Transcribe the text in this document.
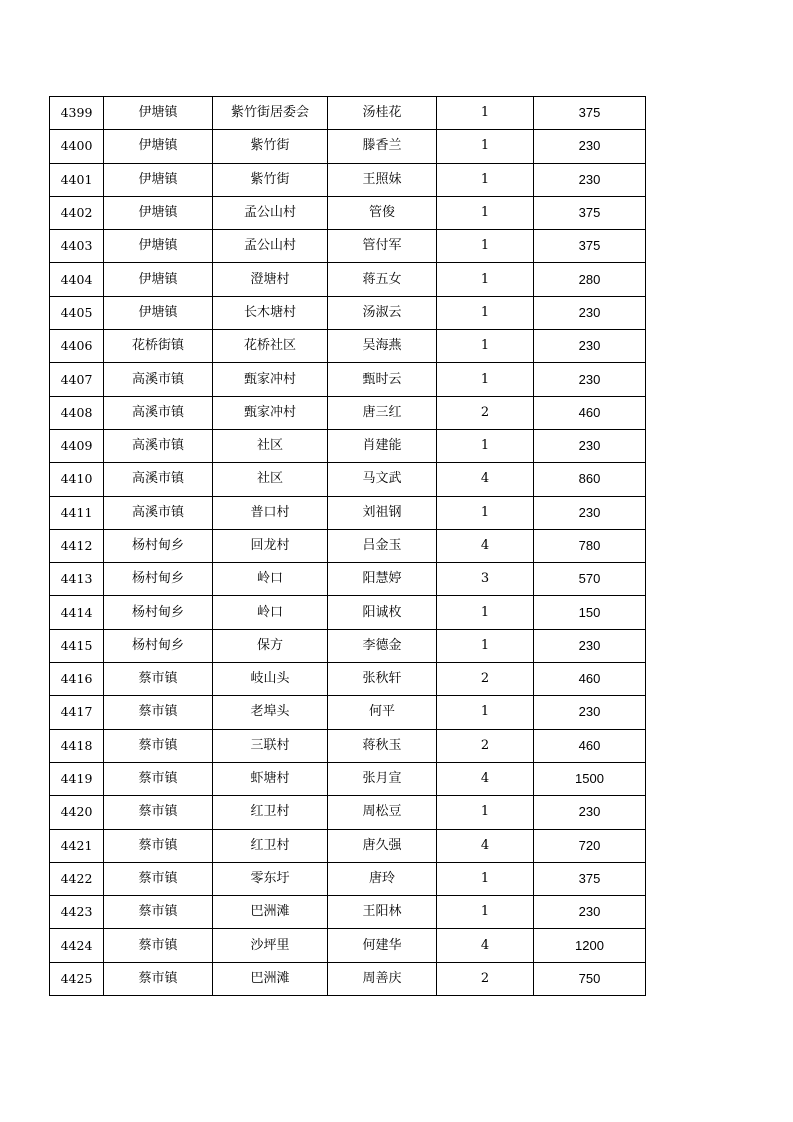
4399	伊塘镇	紫竹街居委会	汤桂花	1	375
4400	伊塘镇	紫竹街	滕香兰	1	230
4401	伊塘镇	紫竹街	王照妹	1	230
4402	伊塘镇	孟公山村	管俊	1	375
4403	伊塘镇	孟公山村	管付军	1	375
4404	伊塘镇	澄塘村	蒋五女	1	280
4405	伊塘镇	长木塘村	汤淑云	1	230
4406	花桥街镇	花桥社区	吴海燕	1	230
4407	高溪市镇	甄家冲村	甄时云	1	230
4408	高溪市镇	甄家冲村	唐三红	2	460
4409	高溪市镇	社区	肖建能	1	230
4410	高溪市镇	社区	马文武	4	860
4411	高溪市镇	普口村	刘祖钢	1	230
4412	杨村甸乡	回龙村	吕金玉	4	780
4413	杨村甸乡	岭口	阳慧婷	3	570
4414	杨村甸乡	岭口	阳诚枚	1	150
4415	杨村甸乡	保方	李德金	1	230
4416	蔡市镇	岐山头	张秋轩	2	460
4417	蔡市镇	老埠头	何平	1	230
4418	蔡市镇	三联村	蒋秋玉	2	460
4419	蔡市镇	虾塘村	张月宣	4	1500
4420	蔡市镇	红卫村	周松豆	1	230
4421	蔡市镇	红卫村	唐久强	4	720
4422	蔡市镇	零东圩	唐玲	1	375
4423	蔡市镇	巴洲滩	王阳林	1	230
4424	蔡市镇	沙坪里	何建华	4	1200
4425	蔡市镇	巴洲滩	周善庆	2	750
